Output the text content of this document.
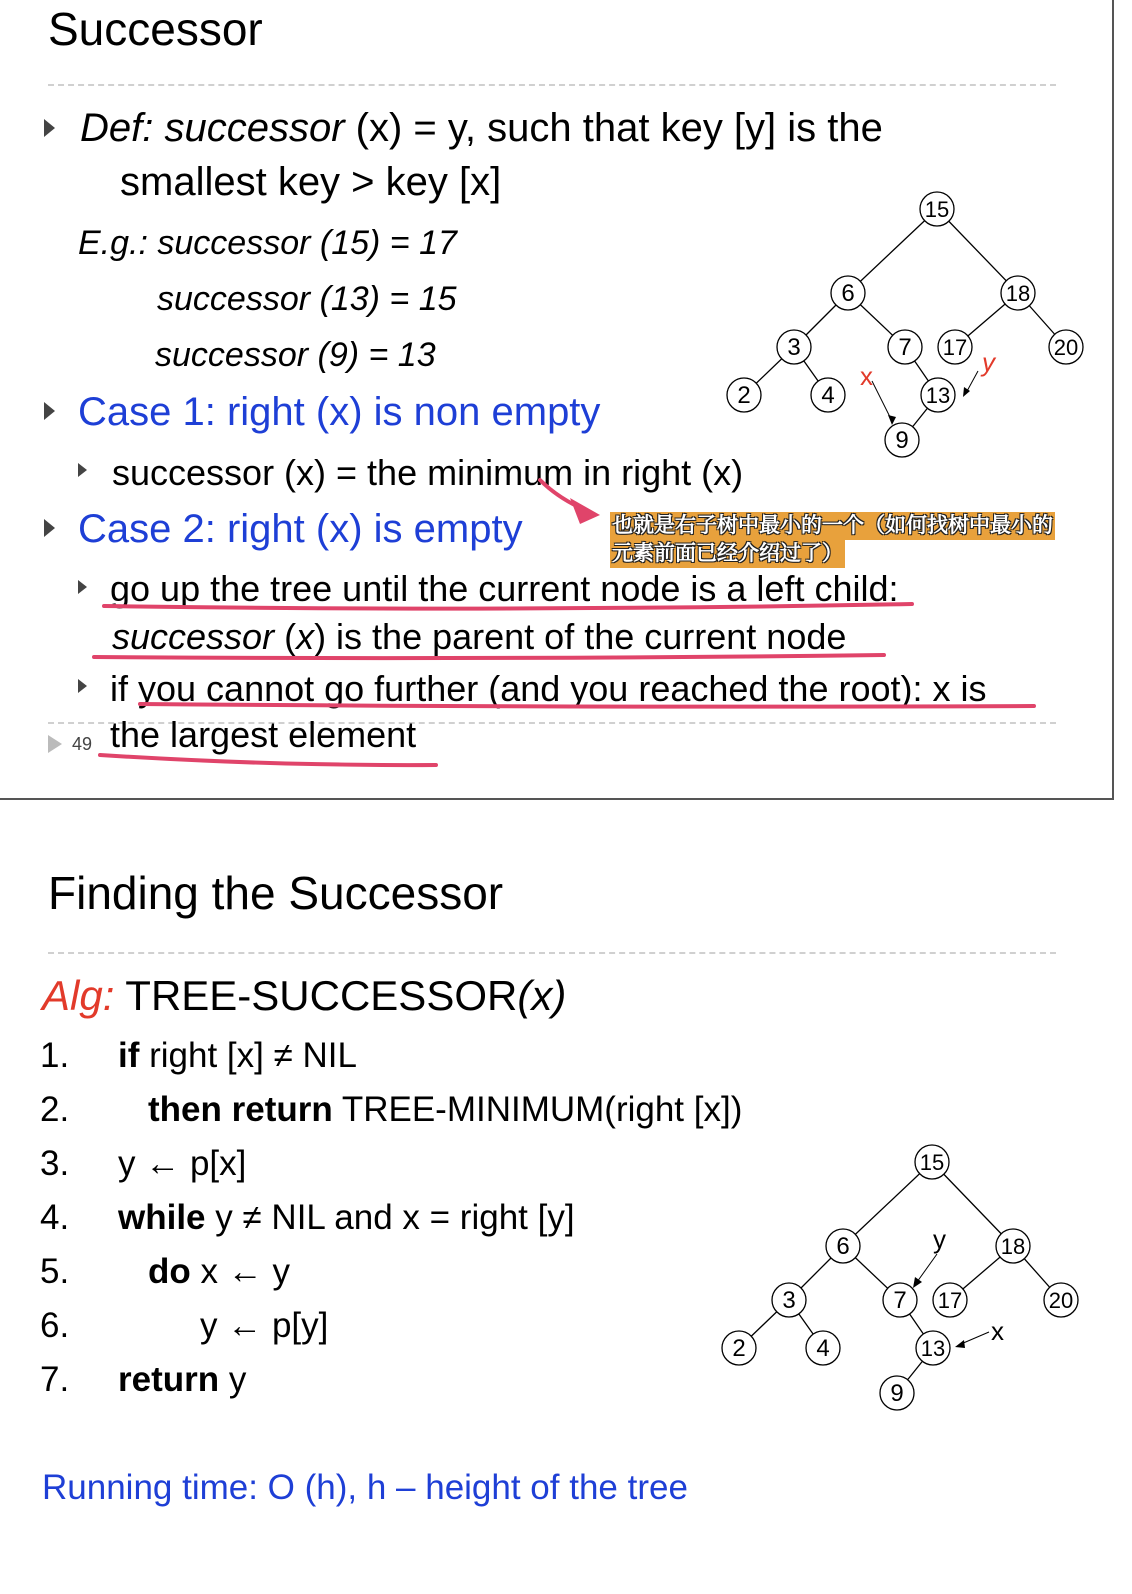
Successor
Def: successor (x) = y, such that key [y] is the
smallest key > key [x]
E.g.: successor (15) = 17
successor (13) = 15
successor (9) = 13
Case 1: right (x) is non empty
successor (x) = the minimum in right (x)
Case 2: right (x) is empty
go up the tree until the current node is a left child:
successor (x) is the parent of the current node
if you cannot go further (and you reached the root): x is
49 the largest element
也就是右子树中最小的一个（如何找树中最小的
元素前面已经介绍过了）
15
6	18
3	7 17	20
2	4	13
9
x	y
Finding the Successor
Alg: TREE-SUCCESSOR(x)
1. if right [x] ≠ NIL
2. then return TREE-MINIMUM(right [x])
3. y ← p[x]
4. while y ≠ NIL and x = right [y]
5. do x ← y
6.	y ← p[y]
7. return y
Running time: O (h), h – height of the tree
15
6	18
3	7 17	20
2	4	13
9
y
x
